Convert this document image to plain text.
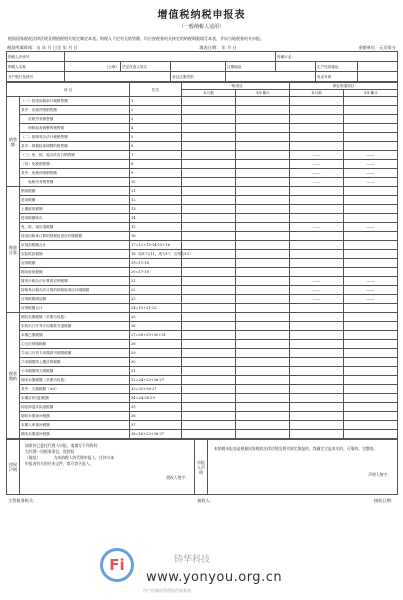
增值税纳税申报表
（一般纳税人适用）
根据国家税收法律法规及增值税相关规定制定本表。纳税人不论有无销售额，均应按税务机关核定的纳税期限填写本表，并向当地税务机关申报。
税款所属时间：自 年 月 日至 年 月 日	填表日期： 年 月 日	金额单位：元至角分
纳税人识别号					所属行业：		
纳税人名称	（公章）	法定代表人姓名		注册地址		生产经营地址	
开户银行及账号			登记注册类型			电话号码	
项 目		栏次	一般项目		即征即退项目	
			本月数	本年累计	本月数	本年累计
销售额	（一）按适用税率计税销售额	1				
	其中：应税货物销售额	2				
	　　应税劳务销售额	3				
	　　纳税检查调整的销售额	4				
	（二）按简易办法计税销售额	5				
	其中：纳税检查调整的销售额	6				
	（三）免、抵、退办法出口销售额	7			——	——
	（四）免税销售额	8			——	——
	其中：免税货物销售额	9			——	——
	　　免税劳务销售额	10			——	——
税款计算	销项税额	11				
	进项税额	12				
	上期留抵税额	13				
	进项税额转出	14				
	免、抵、退应退税额	15			——	——
	按适用税率计算的纳税检查应补缴税额	16				
	应抵扣税额合计	17=12+13-14-15+16				
	实际抵扣税额	18（如17<11，则为17，否则为11）				
	应纳税额	19=11-18				
	期末留抵税额	20=17-18				
	简易计税办法计算的应纳税额	21			——	——
	按简易计税办法计算的纳税检查应补缴税额	22			——	——
	应纳税额减征额	23			——	——
	应纳税额合计	24=19+21-23				
税款缴纳	期初未缴税额（多缴为负数）	25				
	实收出口开具专用缴款书退税额	26				
	本期已缴税额	27=28+29+30+31				
	①分次预缴税额	28				
	②出口开具专用缴款书预缴税额	29				
	③本期缴纳上期应纳税额	30				
	④本期缴纳欠缴税额	31				
	期末未缴税额（多缴为负数）	32=24+25+26-27				
	其中：欠缴税额（≥0）	33=25+26-27				
	本期应补(退)税额	34=24-28-29				
	即征即退实际退税额	35				
	期初未缴查补税额	36				
	本期入库查补税额	37				
	期末未缴查补税额	38=16+22+36-37				
授权声明	
如果你已委托代理人申报，请填写下列资料：
为代理一切税务事宜，现授权
（地址）　　　　为本纳税人的代理申报人，任何与本
申报表有关的往来文件，都可寄予此人。
授权人签字：
	申报人声明	
本纳税申报表是根据国家税收法律法规及相关规定填报的，我确定它是真实的、可靠的、完整的。
声明人签字：
主管税务机关：	接收人：	接收日期：
Fi	铸华科技
www.yonyou.org.cn
用户信赖的管理软件服务商
